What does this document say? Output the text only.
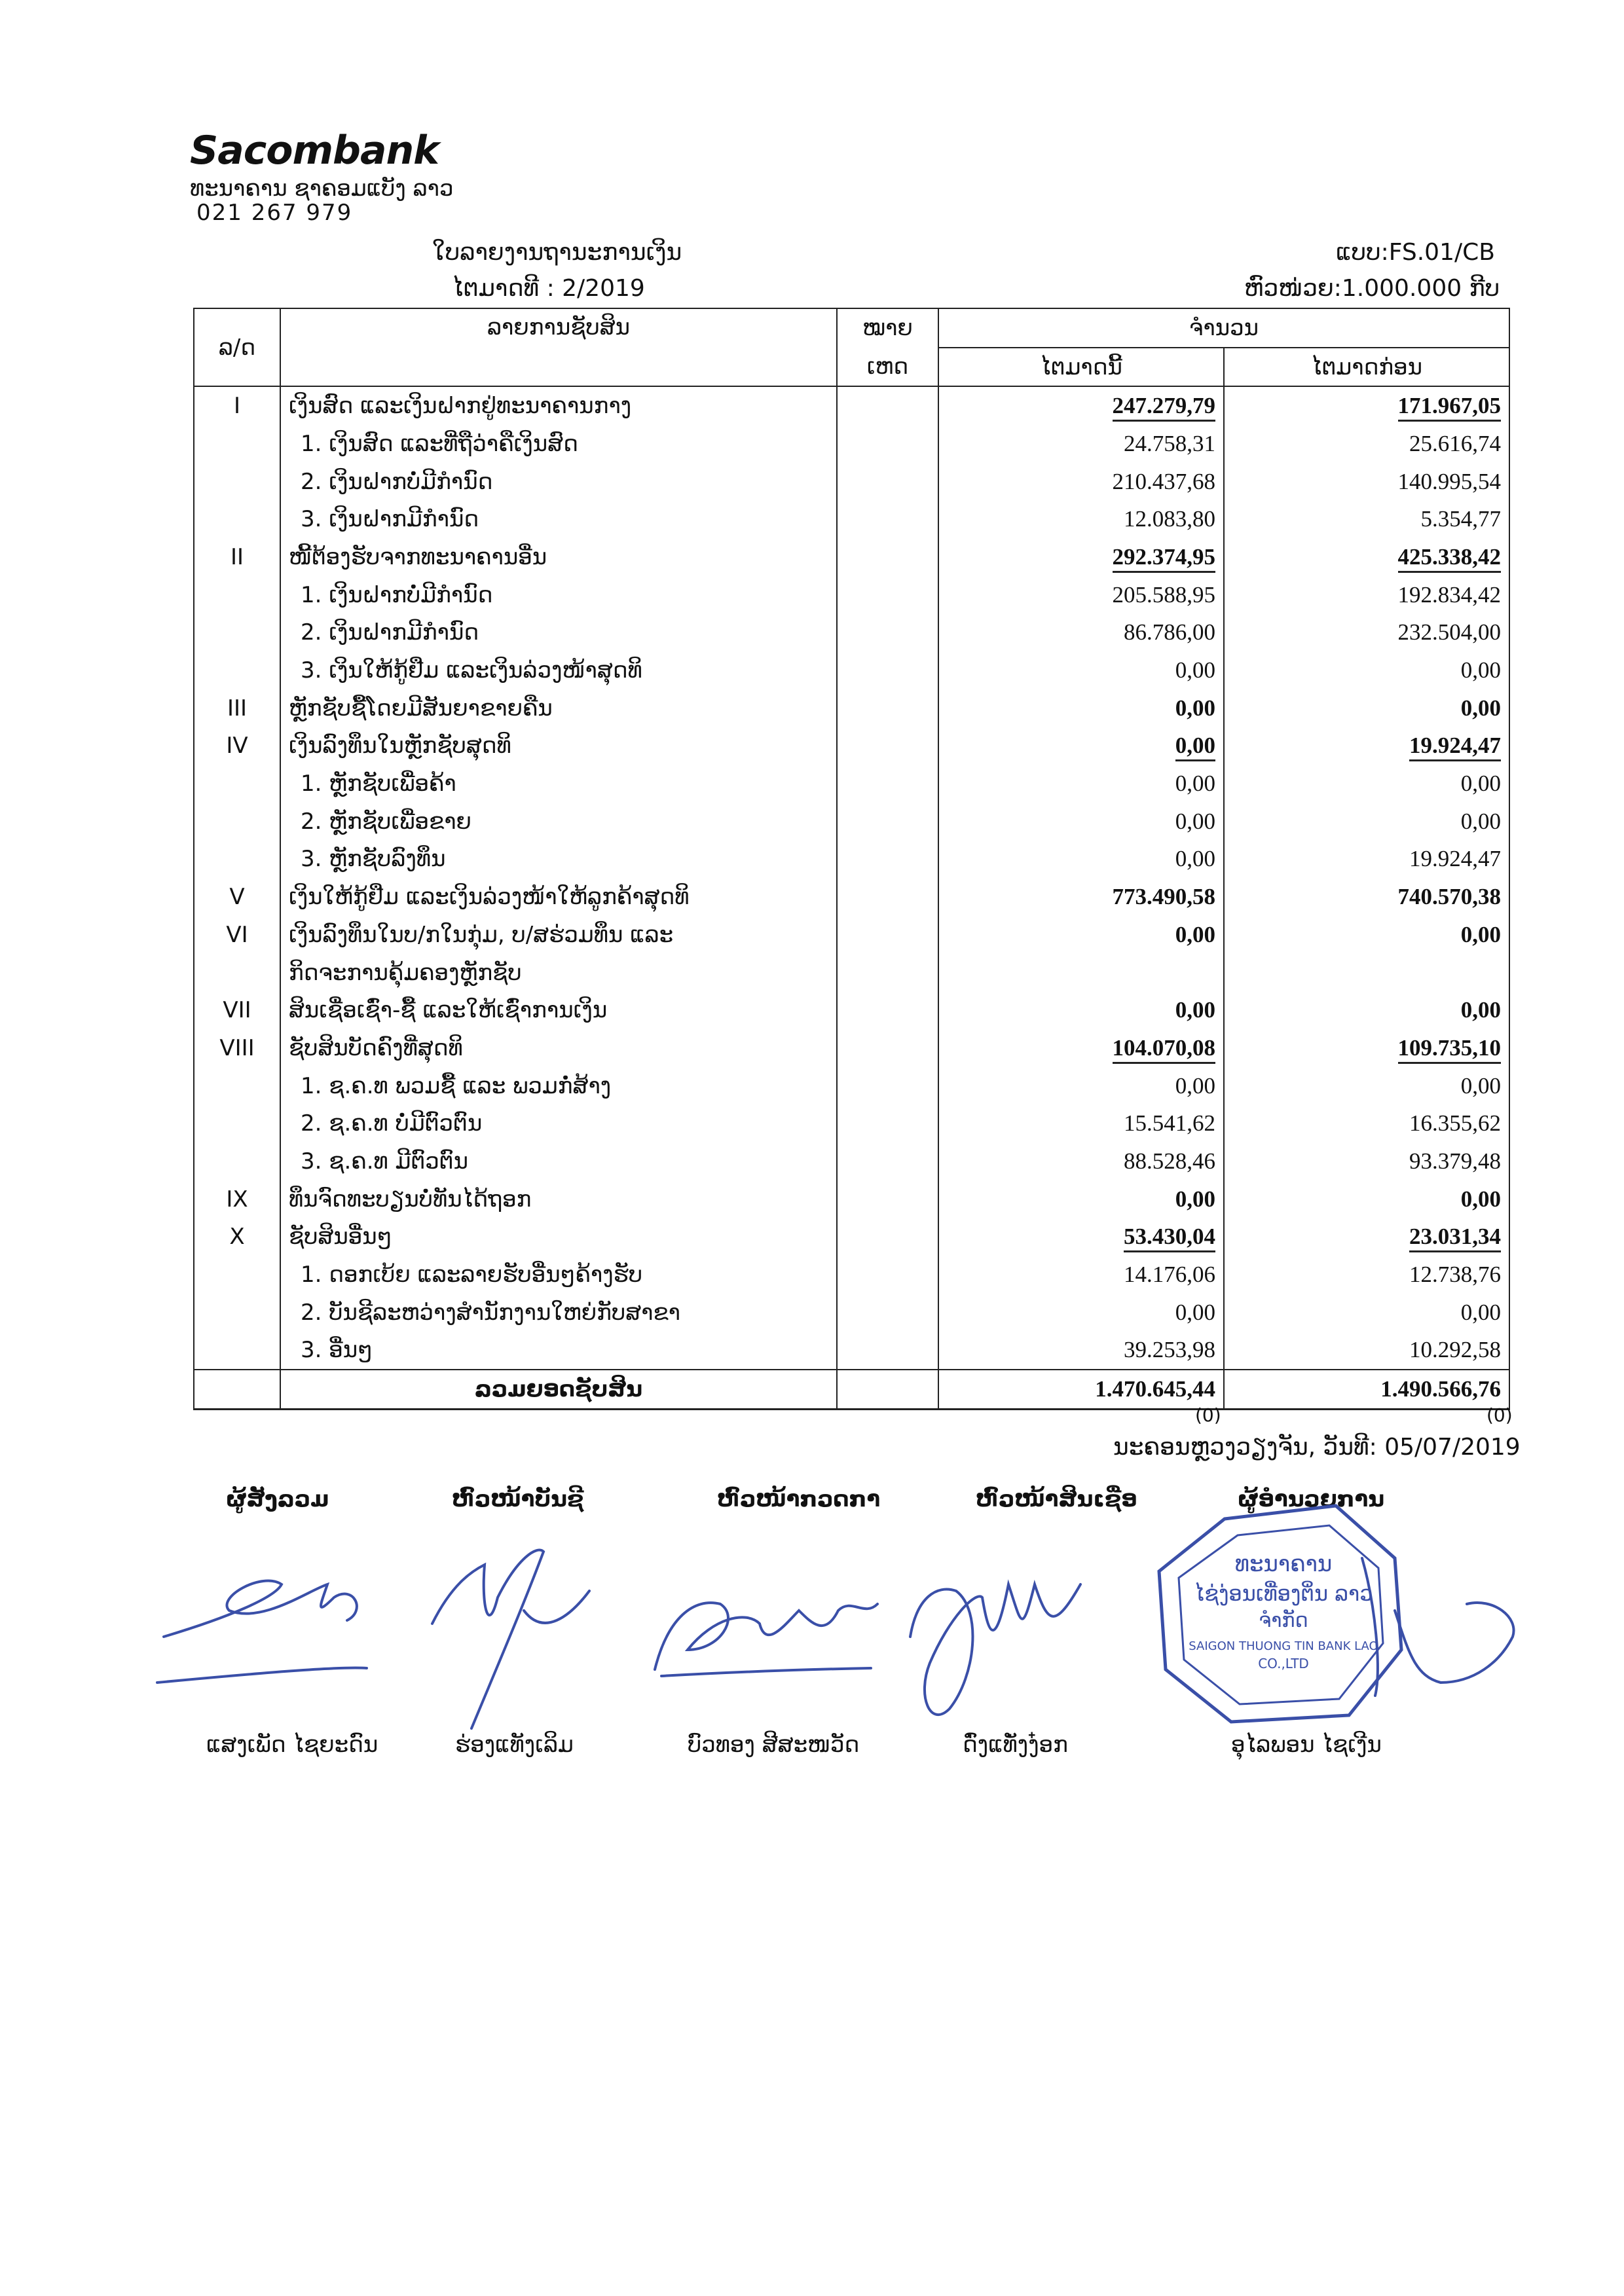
Sacombank
ທະນາຄານ ຊາຄອມແບັງ ລາວ
021 267 979
ໃບລາຍງານຖານະການເງິນ
ໄຕມາດທີ : 2/2019
ແບບ:FS.01/CB
ຫົວໜ່ວຍ:1.000.000 ກີບ
ລ/ດ	ລາຍການຊັບສິນ	ໝາຍ	ຈຳນວນ	
		ເຫດ	ໄຕມາດນີ້	ໄຕມາດກ່ອນ
I	ເງິນສົດ ແລະເງິນຝາກຢູ່ທະນາຄານກາງ		247.279,79	171.967,05
	1. ເງິນສົດ ແລະທີ່ຖືວ່າຄືເງິນສົດ		24.758,31	25.616,74
	2. ເງິນຝາກບໍ່ມີກຳນົດ		210.437,68	140.995,54
	3. ເງິນຝາກມີກຳນົດ		12.083,80	5.354,77
II	ໜີ້ຕ້ອງຮັບຈາກທະນາຄານອື່ນ		292.374,95	425.338,42
	1. ເງິນຝາກບໍ່ມີກຳນົດ		205.588,95	192.834,42
	2. ເງິນຝາກມີກຳນົດ		86.786,00	232.504,00
	3. ເງິນໃຫ້ກູ້ຢືມ ແລະເງິນລ່ວງໜ້າສຸດທິ		0,00	0,00
III	ຫຼັກຊັບຊື້ໂດຍມີສັນຍາຂາຍຄືນ		0,00	0,00
IV	ເງິນລົງທຶນໃນຫຼັກຊັບສຸດທິ		0,00	19.924,47
	1. ຫຼັກຊັບເພື່ອຄ້າ		0,00	0,00
	2. ຫຼັກຊັບເພື່ອຂາຍ		0,00	0,00
	3. ຫຼັກຊັບລົງທຶນ		0,00	19.924,47
V	ເງິນໃຫ້ກູ້ຢືມ ແລະເງິນລ່ວງໜ້າໃຫ້ລູກຄ້າສຸດທິ		773.490,58	740.570,38
VI	ເງິນລົງທຶນໃນບ/ກໃນກຸ່ມ, ບ/ສຮ່ວມທຶນ ແລະ		0,00	0,00
	ກິດຈະການຄຸ້ມຄອງຫຼັກຊັບ			
VII	ສິນເຊື່ອເຊົ່າ-ຊື້ ແລະໃຫ້ເຊົ່າການເງິນ		0,00	0,00
VIII	ຊັບສິນບັດຄົງທີ່ສຸດທິ		104.070,08	109.735,10
	1. ຊ.ຄ.ທ ພວມຊື້ ແລະ ພວມກໍ່ສ້າງ		0,00	0,00
	2. ຊ.ຄ.ທ ບໍ່ມີຕົວຕົນ		15.541,62	16.355,62
	3. ຊ.ຄ.ທ ມີຕົວຕົນ		88.528,46	93.379,48
IX	ທຶນຈົດທະບຽນບໍ່ທັນໄດ້ຖອກ		0,00	0,00
X	ຊັບສິນອື່ນໆ		53.430,04	23.031,34
	1. ດອກເບ້ຍ ແລະລາຍຮັບອື່ນໆຄ້າງຮັບ		14.176,06	12.738,76
	2. ບັນຊີລະຫວ່າງສຳນັກງານໃຫຍ່ກັບສາຂາ		0,00	0,00
	3. ອື່ນໆ		39.253,98	10.292,58
	ລວມຍອດຊັບສິນ		1.470.645,44	1.490.566,76
(0)	(0)
ນະຄອນຫຼວງວຽງຈັນ, ວັນທີ: 05/07/2019
ຜູ້ສັງລວມ	ຫົວໜ້າບັນຊີ	ຫົວໜ້າກວດກາ	ຫົວໜ້າສິນເຊື່ອ	ຜູ້ອຳນວຍການ
ແສງເພັດ ໄຊຍະດົນ	ຮ່ອງແທັງເລິມ	ບົວທອງ ສີສະໜວັດ	ດົ່ງແທັ່ງງ໋ອກ	ອຸໄລພອນ ໄຊເງີນ
ທະນາຄານ
ໄຊ່ງ່ອນເທື່ອງຕິ່ນ ລາວ
ຈຳກັດ
SAIGON THUONG TIN BANK LAO
CO.,LTD
